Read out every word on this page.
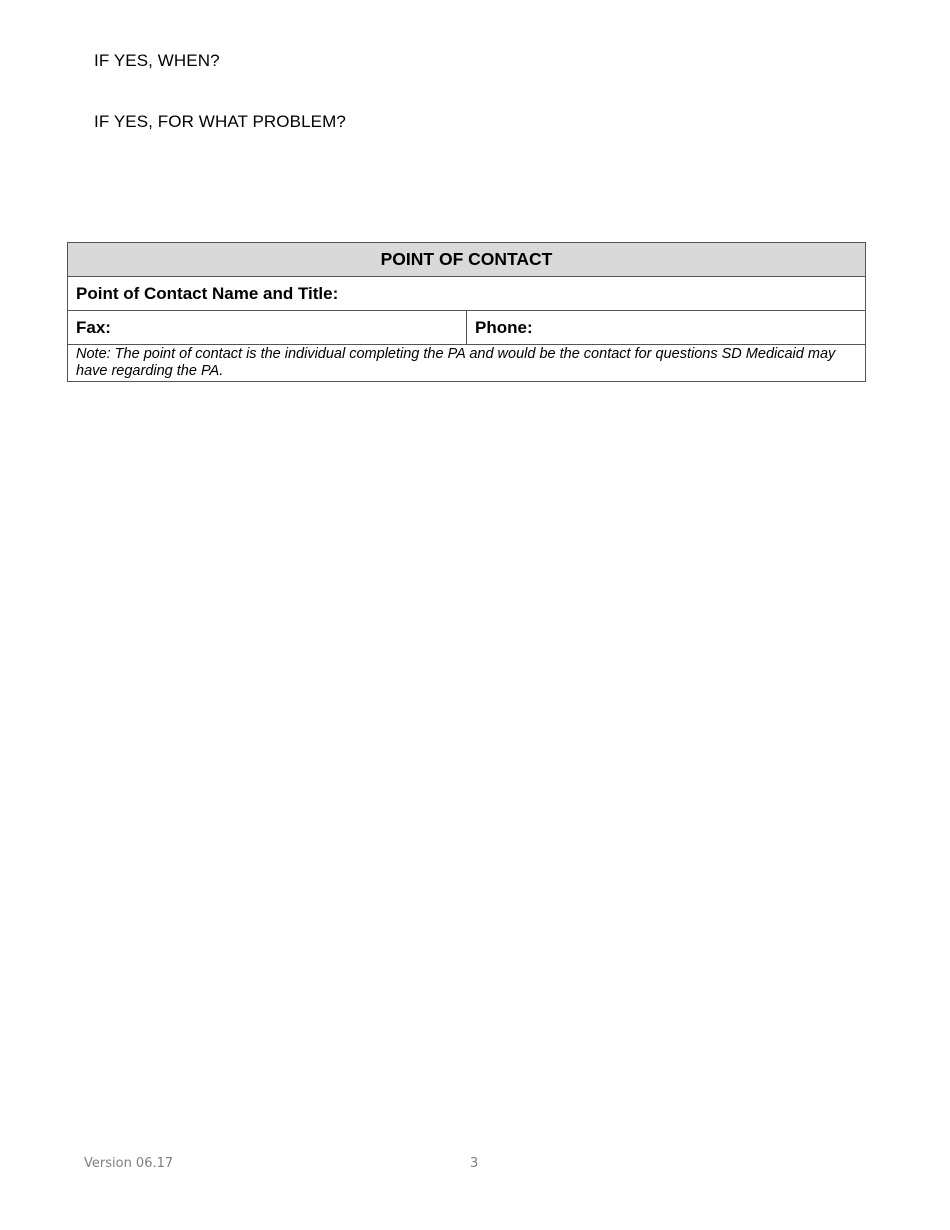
IF YES, WHEN?
IF YES, FOR WHAT PROBLEM?
POINT OF CONTACT
Point of Contact Name and Title:
Fax:	Phone:
Note: The point of contact is the individual completing the PA and would be the contact for questions SD Medicaid may have regarding the PA.
Version 06.17	3
